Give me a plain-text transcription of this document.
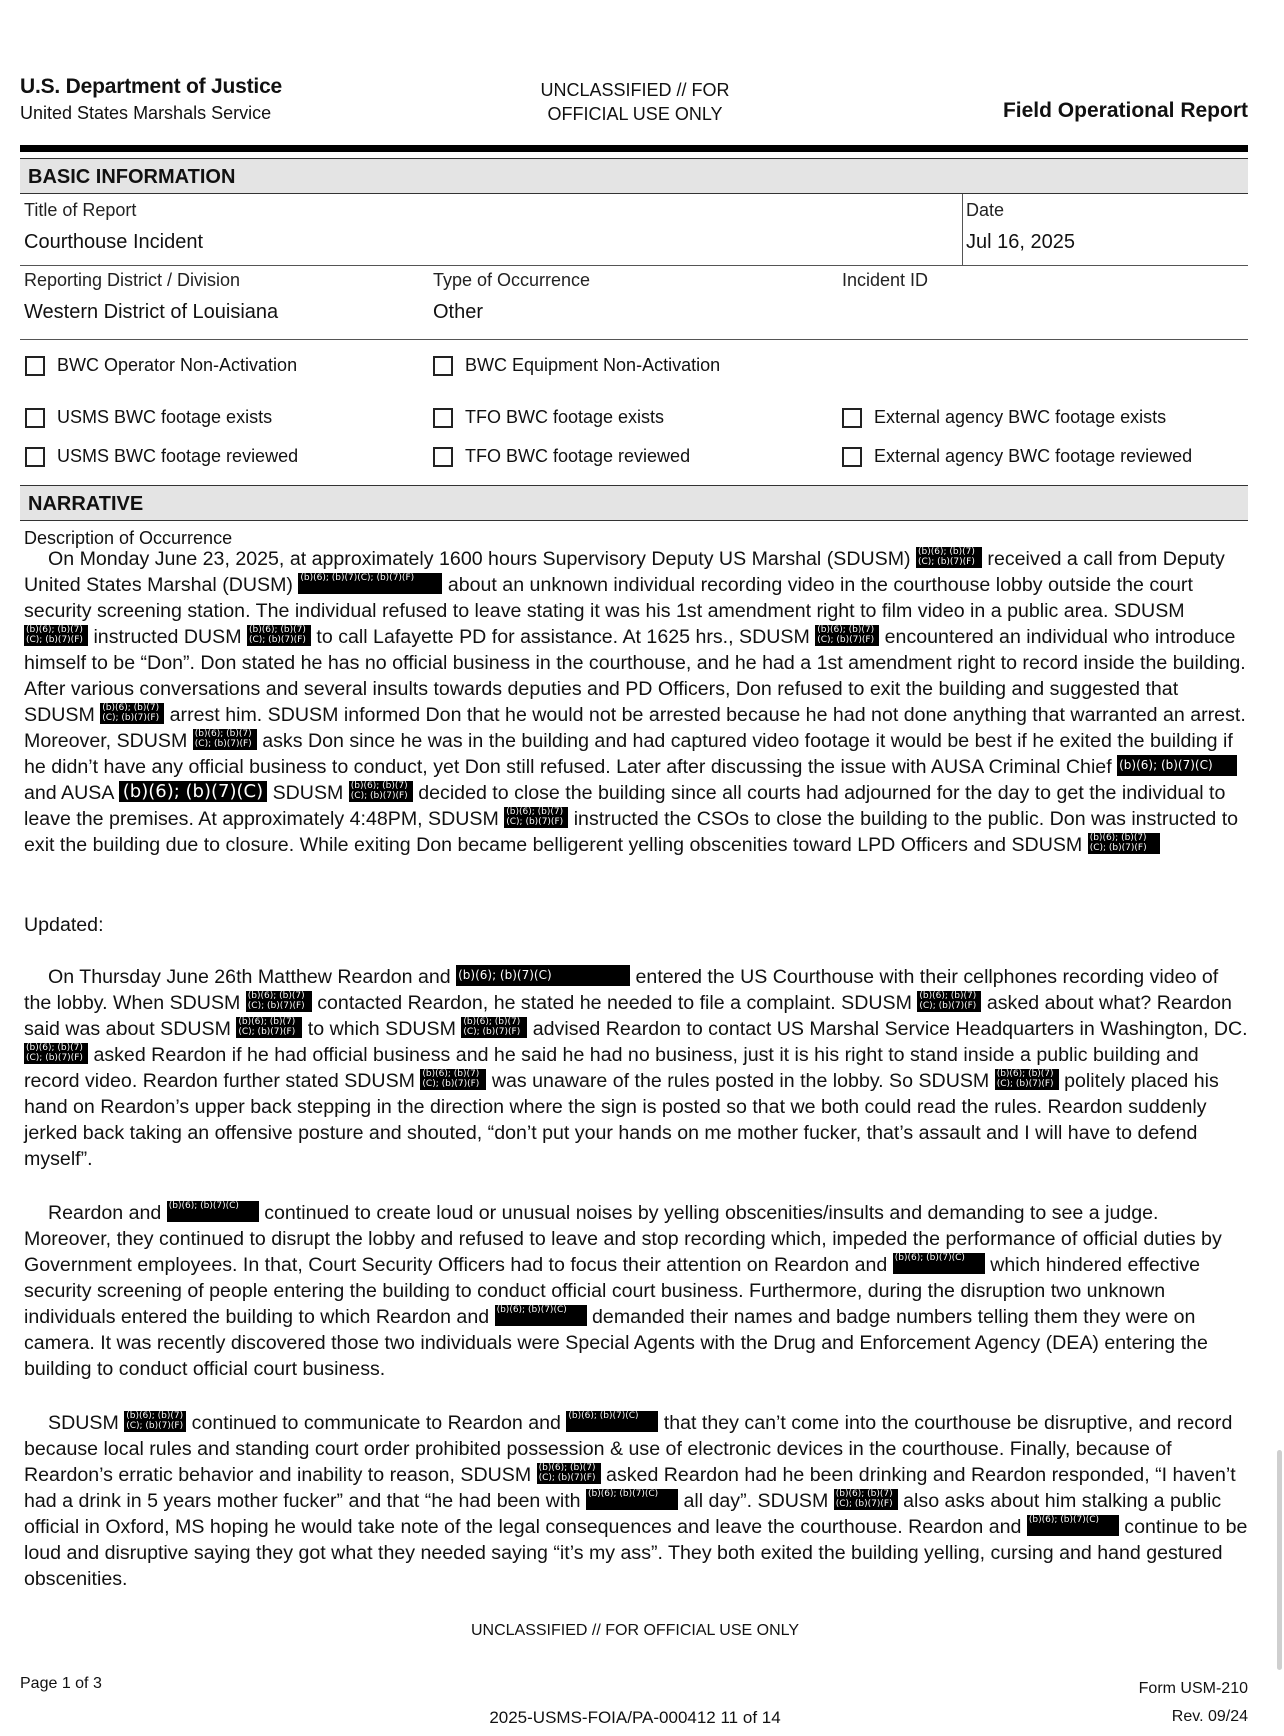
U.S. Department of Justice
United States Marshals Service
UNCLASSIFIED // FOR
OFFICIAL USE ONLY	Field Operational Report
BASIC INFORMATION
Title of Report
Courthouse Incident
Date
Jul 16, 2025
Reporting District / Division
Western District of Louisiana
Type of Occurrence
Other
Incident ID
BWC Operator Non-Activation	BWC Equipment Non-Activation
USMS BWC footage exists	TFO BWC footage exists	External agency BWC footage exists
USMS BWC footage reviewed	TFO BWC footage reviewed	External agency BWC footage reviewed
NARRATIVE
Description of Occurrence

On Monday June 23, 2025, at approximately 1600 hours Supervisory Deputy US Marshal (SDUSM) (b)(6); (b)(7)(C); (b)(7)(F) received a call from Deputy United States Marshal (DUSM) (b)(6); (b)(7)(C); (b)(7)(F) about an unknown individual recording video in the courthouse lobby outside the court security screening station. The individual refused to leave stating it was his 1st amendment right to film video in a public area. SDUSM (b)(6); (b)(7)(C); (b)(7)(F) instructed DUSM (b)(6); (b)(7)(C); (b)(7)(F) to call Lafayette PD for assistance. At 1625 hrs., SDUSM (b)(6); (b)(7)(C); (b)(7)(F) encountered an individual who introduce himself to be “Don”. Don stated he has no official business in the courthouse, and he had a 1st amendment right to record inside the building. After various conversations and several insults towards deputies and PD Officers, Don refused to exit the building and suggested that SDUSM (b)(6); (b)(7)(C); (b)(7)(F) arrest him. SDUSM informed Don that he would not be arrested because he had not done anything that warranted an arrest. Moreover, SDUSM (b)(6); (b)(7)(C); (b)(7)(F) asks Don since he was in the building and had captured video footage it would be best if he exited the building if he didn’t have any official business to conduct, yet Don still refused. Later after discussing the issue with AUSA Criminal Chief (b)(6); (b)(7)(C) and AUSA (b)(6); (b)(7)(C) SDUSM (b)(6); (b)(7)(C); (b)(7)(F) decided to close the building since all courts had adjourned for the day to get the individual to leave the premises. At approximately 4:48PM, SDUSM (b)(6); (b)(7)(C); (b)(7)(F) instructed the CSOs to close the building to the public. Don was instructed to exit the building due to closure. While exiting Don became belligerent yelling obscenities toward LPD Officers and SDUSM (b)(6); (b)(7)(C); (b)(7)(F)

Updated:

On Thursday June 26th Matthew Reardon and (b)(6); (b)(7)(C)	entered the US Courthouse with their cellphones recording video of the lobby. When SDUSM (b)(6); (b)(7)(C); (b)(7)(F) contacted Reardon, he stated he needed to file a complaint. SDUSM (b)(6); (b)(7)(C); (b)(7)(F) asked about what? Reardon said was about SDUSM (b)(6); (b)(7)(C); (b)(7)(F) to which SDUSM (b)(6); (b)(7)(C); (b)(7)(F) advised Reardon to contact US Marshal Service Headquarters in Washington, DC. (b)(6); (b)(7)(C); (b)(7)(F) asked Reardon if he had official business and he said he had no business, just it is his right to stand inside a public building and record video. Reardon further stated SDUSM (b)(6); (b)(7)(C); (b)(7)(F) was unaware of the rules posted in the lobby. So SDUSM (b)(6); (b)(7)(C); (b)(7)(F) politely placed his hand on Reardon’s upper back stepping in the direction where the sign is posted so that we both could read the rules. Reardon suddenly jerked back taking an offensive posture and shouted, “don’t put your hands on me mother fucker, that’s assault and I will have to defend myself”.

Reardon and (b)(6); (b)(7)(C) continued to create loud or unusual noises by yelling obscenities/insults and demanding to see a judge. Moreover, they continued to disrupt the lobby and refused to leave and stop recording which, impeded the performance of official duties by Government employees. In that, Court Security Officers had to focus their attention on Reardon and (b)(6); (b)(7)(C) which hindered effective security screening of people entering the building to conduct official court business. Furthermore, during the disruption two unknown individuals entered the building to which Reardon and (b)(6); (b)(7)(C) demanded their names and badge numbers telling them they were on camera. It was recently discovered those two individuals were Special Agents with the Drug and Enforcement Agency (DEA) entering the building to conduct official court business.

SDUSM (b)(6); (b)(7)(C); (b)(7)(F) continued to communicate to Reardon and (b)(6); (b)(7)(C) that they can’t come into the courthouse be disruptive, and record because local rules and standing court order prohibited possession & use of electronic devices in the courthouse. Finally, because of Reardon’s erratic behavior and inability to reason, SDUSM (b)(6); (b)(7)(C); (b)(7)(F) asked Reardon had he been drinking and Reardon responded, “I haven’t had a drink in 5 years mother fucker” and that “he had been with (b)(6); (b)(7)(C) all day”. SDUSM (b)(6); (b)(7)(C); (b)(7)(F) also asks about him stalking a public official in Oxford, MS hoping he would take note of the legal consequences and leave the courthouse. Reardon and (b)(6); (b)(7)(C) continue to be loud and disruptive saying they got what they needed saying “it’s my ass”. They both exited the building yelling, cursing and hand gestured obscenities.

UNCLASSIFIED // FOR OFFICIAL USE ONLY
Page 1 of 3	Form USM-210
Rev. 09/24
2025-USMS-FOIA/PA-000412 11 of 14
